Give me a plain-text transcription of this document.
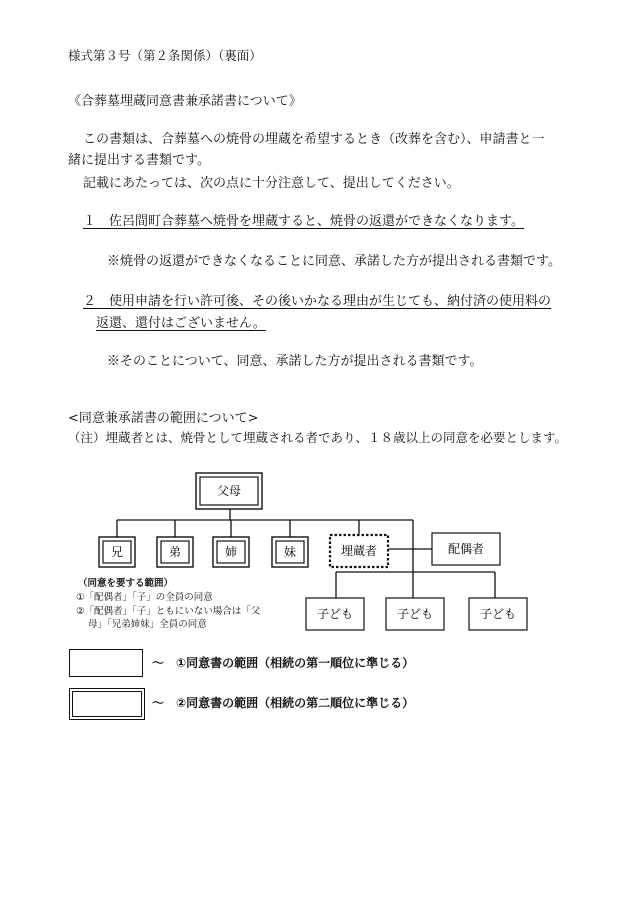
様式第３号（第２条関係）（裏面）
《合葬墓埋蔵同意書兼承諾書について》
この書類は、合葬墓への焼骨の埋蔵を希望するとき（改葬を含む）、申請書と一
緒に提出する書類です。
記載にあたっては、次の点に十分注意して、提出してください。
１　 佐呂間町合葬墓へ焼骨を埋蔵すると、焼骨の返還ができなくなります。
※焼骨の返還ができなくなることに同意、承諾した方が提出される書類です。
２　 使用申請を行い許可後、その後いかなる理由が生じても、納付済の使用料の
返還、還付はございません。
※そのことについて、同意、承諾した方が提出される書類です。
<同意兼承諾書の範囲について>
（注）埋蔵者とは、焼骨として埋蔵される者であり、１８歳以上の同意を必要とします。
父母
兄	弟	姉	妹	埋蔵者	配偶者
子ども	子ども	子ども
（同意を要する範囲）
①「配偶者」「子」の全員の同意
②「配偶者」「子」ともにいない場合は「父
母」「兄弟姉妹」全員の同意
～　①同意書の範囲（相続の第一順位に準じる）
～　②同意書の範囲（相続の第二順位に準じる）
